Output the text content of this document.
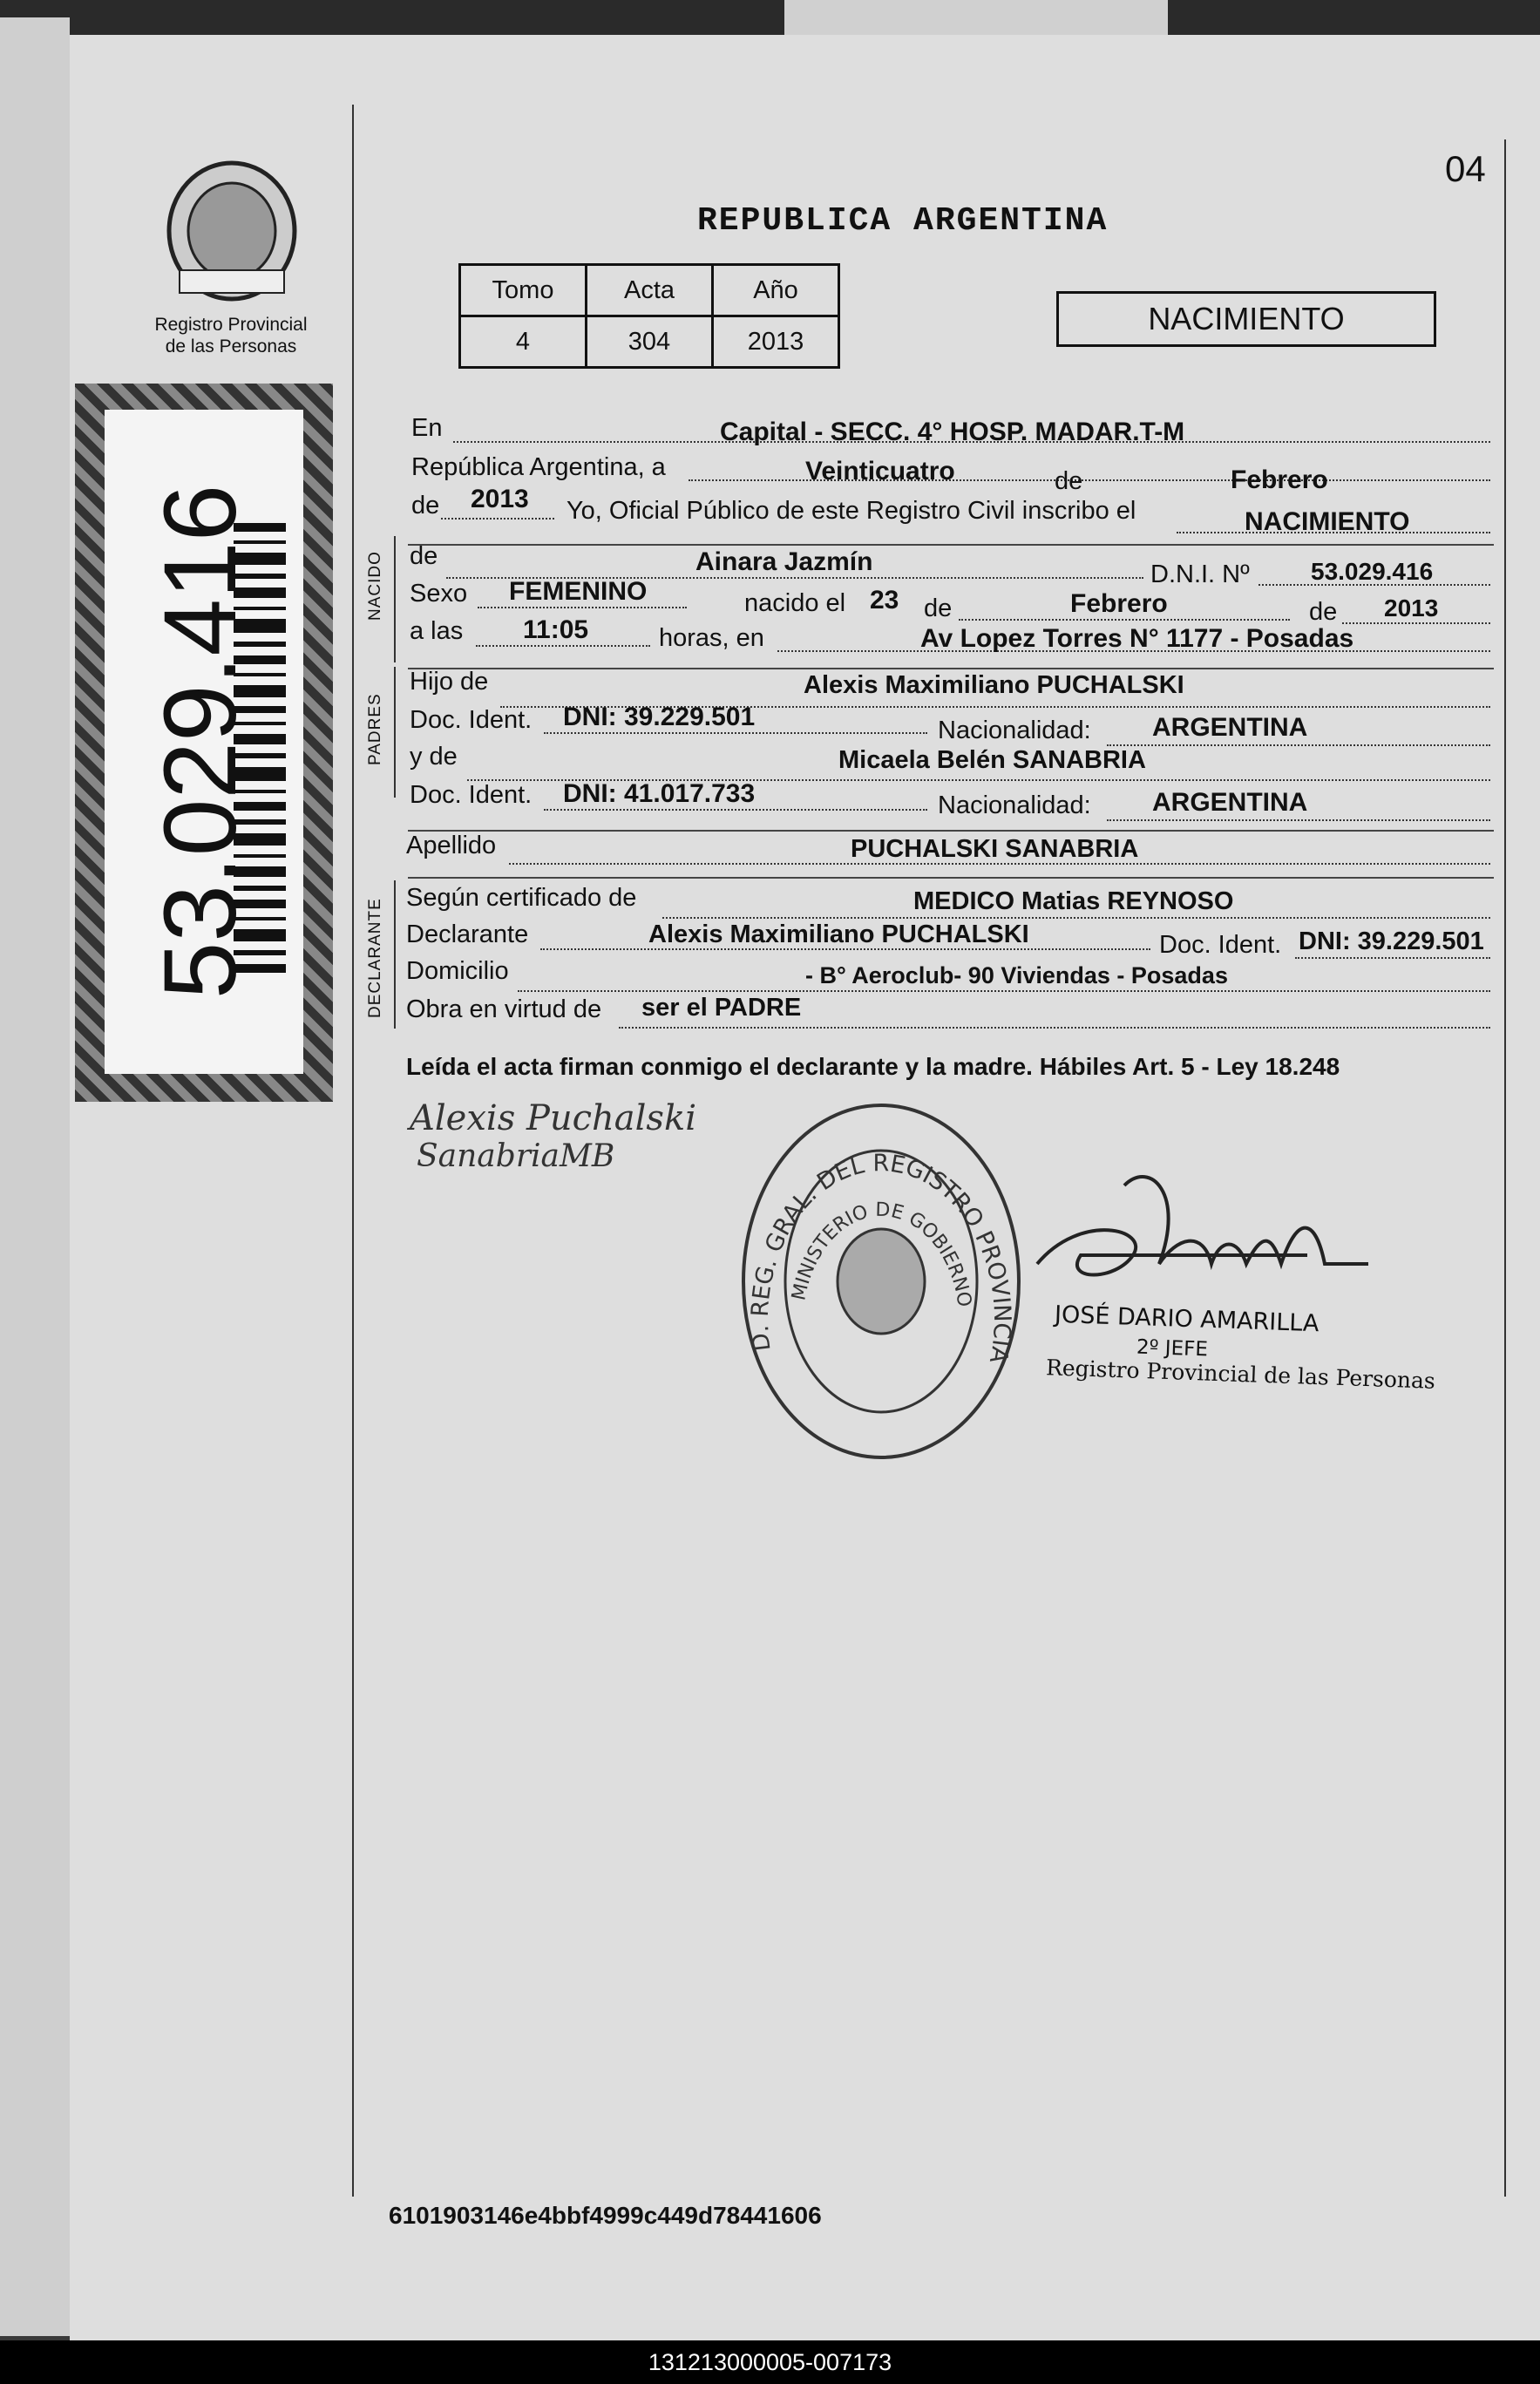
04
Registro Provincial
de las Personas
REPUBLICA ARGENTINA
Tomo	Acta	Año
4	304	2013
NACIMIENTO
53.029.416	NACIDO
PADRES
DECLARANTE
En	Capital - SECC. 4° HOSP. MADAR.T-M
República Argentina, a	Veinticuatro	de	Febrero
de 2013 Yo, Oficial Público de este Registro Civil inscribo el	NACIMIENTO
de	Ainara Jazmín	D.N.I. Nº	53.029.416
Sexo FEMENINO	nacido el 23 de	Febrero	de 2013
a las 11:05	horas, en	Av Lopez Torres N° 1177 - Posadas
Hijo de	Alexis Maximiliano PUCHALSKI
Doc. Ident. DNI: 39.229.501	Nacionalidad: ARGENTINA
y de	Micaela Belén SANABRIA
Doc. Ident. DNI: 41.017.733	Nacionalidad: ARGENTINA
Apellido	PUCHALSKI SANABRIA
Según certificado de	MEDICO Matias REYNOSO
Declarante	Alexis Maximiliano PUCHALSKI	Doc. Ident. DNI: 39.229.501
Domicilio	- B° Aeroclub- 90 Viviendas - Posadas
Obra en virtud de ser el PADRE
Leída el acta firman conmigo el declarante y la madre. Hábiles Art. 5 - Ley 18.248
Alexis Puchalski
SanabriaMB
D. REG. GRAL. DEL REGISTRO PROVINCIA
MINISTERIO DE GOBIERNO
JOSÉ DARIO AMARILLA
2º JEFE
Registro Provincial de las Personas
6101903146e4bbf4999c449d78441606
131213000005-007173
